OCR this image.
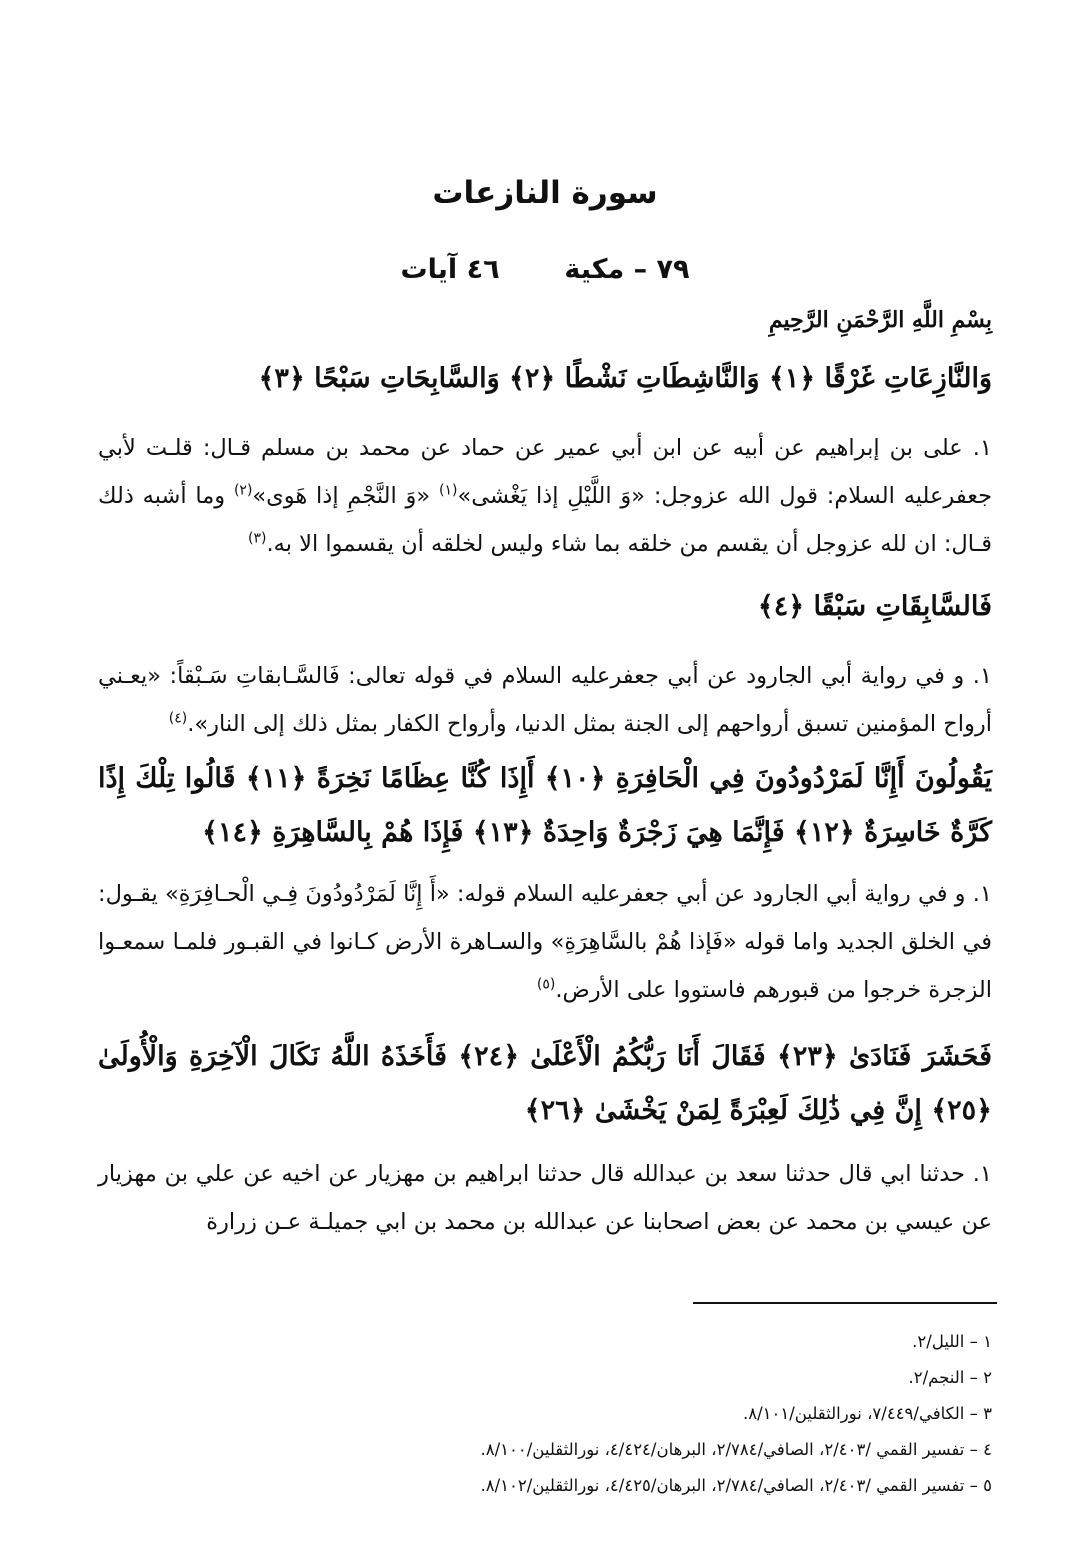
سورة النازعات
٧٩ – مكية  ٤٦ آيات
بِسْمِ اللَّهِ الرَّحْمَنِ الرَّحِيمِ
وَالنَّازِعَاتِ غَرْقًا ﴿١﴾ وَالنَّاشِطَاتِ نَشْطًا ﴿٢﴾ وَالسَّابِحَاتِ سَبْحًا ﴿٣﴾
١. على بن إبراهيم عن أبيه عن ابن أبي عمير عن حماد عن محمد بن مسلم قـال: قلـت لأبي جعفرعليه السلام: قول الله عزوجل: «وَ اللَّيْلِ إذا يَغْشى»$^{(١)}$ «وَ النَّجْمِ إذا هَوى»$^{(٢)}$ وما أشبه ذلك قـال: ان لله عزوجل أن يقسم من خلقه بما شاء وليس لخلقه أن يقسموا الا به.$^{(٣)}$
فَالسَّابِقَاتِ سَبْقًا ﴿٤﴾
١. و في رواية أبي الجارود عن أبي جعفرعليه السلام في قوله تعالى: فَالسَّـابقاتِ سَـبْقاً: «يعـني أرواح المؤمنين تسبق أرواحهم إلى الجنة بمثل الدنيا، وأرواح الكفار بمثل ذلك إلى النار».$^{(٤)}$
يَقُولُونَ أَإِنَّا لَمَرْدُودُونَ فِي الْحَافِرَةِ ﴿١٠﴾ أَإِذَا كُنَّا عِظَامًا نَخِرَةً ﴿١١﴾ قَالُوا تِلْكَ إِذًا كَرَّةٌ خَاسِرَةٌ ﴿١٢﴾ فَإِنَّمَا هِيَ زَجْرَةٌ وَاحِدَةٌ ﴿١٣﴾ فَإِذَا هُمْ بِالسَّاهِرَةِ ﴿١٤﴾
١. و في رواية أبي الجارود عن أبي جعفرعليه السلام قوله: «أَ إِنَّا لَمَرْدُودُونَ فِـي الْحـافِرَةِ» يقـول: في الخلق الجديد واما قوله «فَإذا هُمْ بالسَّاهِرَةِ» والسـاهرة الأرض كـانوا في القبـور فلمـا سمعـوا الزجرة خرجوا من قبورهم فاستووا على الأرض.$^{(٥)}$
فَحَشَرَ فَنَادَىٰ ﴿٢٣﴾ فَقَالَ أَنَا رَبُّكُمُ الْأَعْلَىٰ ﴿٢٤﴾ فَأَخَذَهُ اللَّهُ نَكَالَ الْآخِرَةِ وَالْأُولَىٰ ﴿٢٥﴾ إِنَّ فِي ذَٰلِكَ لَعِبْرَةً لِمَنْ يَخْشَىٰ ﴿٢٦﴾
١. حدثنا ابي قال حدثنا سعد بن عبدالله قال حدثنا ابراهيم بن مهزيار عن اخيه عن علي بن مهزيار عن عيسي بن محمد عن بعض اصحابنا عن عبدالله بن محمد بن ابي جميلـة عـن زرارة
١ – الليل/٢.
٢ – النجم/٢.
٣ – الكافي/٧/٤٤٩، نورالثقلين/٨/١٠١.
٤ – تفسير القمي /٢/٤٠٣، الصافي/٢/٧٨٤، البرهان/٤/٤٢٤، نورالثقلين/٨/١٠٠.
٥ – تفسير القمي /٢/٤٠٣، الصافي/٢/٧٨٤، البرهان/٤/٤٢٥، نورالثقلين/٨/١٠٢.
